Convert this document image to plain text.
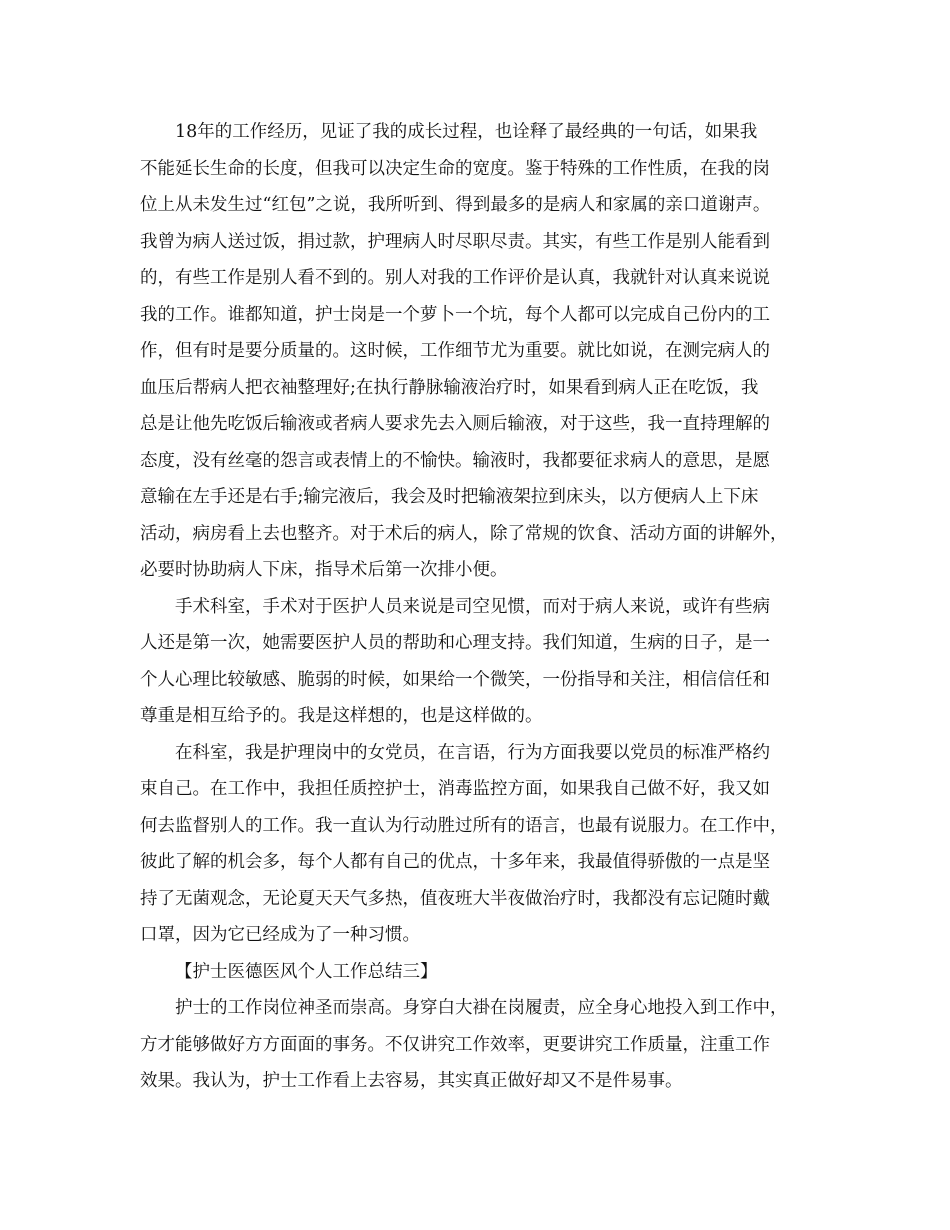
18年的工作经历，见证了我的成长过程，也诠释了最经典的一句话，如果我
不能延长生命的长度，但我可以决定生命的宽度。鉴于特殊的工作性质，在我的岗
位上从未发生过“红包”之说，我所听到、得到最多的是病人和家属的亲口道谢声。
我曾为病人送过饭，捐过款，护理病人时尽职尽责。其实，有些工作是别人能看到
的，有些工作是别人看不到的。别人对我的工作评价是认真，我就针对认真来说说
我的工作。谁都知道，护士岗是一个萝卜一个坑，每个人都可以完成自己份内的工
作，但有时是要分质量的。这时候，工作细节尤为重要。就比如说，在测完病人的
血压后帮病人把衣袖整理好;在执行静脉输液治疗时，如果看到病人正在吃饭，我
总是让他先吃饭后输液或者病人要求先去入厕后输液，对于这些，我一直持理解的
态度，没有丝毫的怨言或表情上的不愉快。输液时，我都要征求病人的意思，是愿
意输在左手还是右手;输完液后，我会及时把输液架拉到床头，以方便病人上下床
活动，病房看上去也整齐。对于术后的病人，除了常规的饮食、活动方面的讲解外，
必要时协助病人下床，指导术后第一次排小便。
手术科室，手术对于医护人员来说是司空见惯，而对于病人来说，或许有些病
人还是第一次，她需要医护人员的帮助和心理支持。我们知道，生病的日子，是一
个人心理比较敏感、脆弱的时候，如果给一个微笑，一份指导和关注，相信信任和
尊重是相互给予的。我是这样想的，也是这样做的。
在科室，我是护理岗中的女党员，在言语，行为方面我要以党员的标准严格约
束自己。在工作中，我担任质控护士，消毒监控方面，如果我自己做不好，我又如
何去监督别人的工作。我一直认为行动胜过所有的语言，也最有说服力。在工作中，
彼此了解的机会多，每个人都有自己的优点，十多年来，我最值得骄傲的一点是坚
持了无菌观念，无论夏天天气多热，值夜班大半夜做治疗时，我都没有忘记随时戴
口罩，因为它已经成为了一种习惯。
【护士医德医风个人工作总结三】
护士的工作岗位神圣而崇高。身穿白大褂在岗履责，应全身心地投入到工作中，
方才能够做好方方面面的事务。不仅讲究工作效率，更要讲究工作质量，注重工作
效果。我认为，护士工作看上去容易，其实真正做好却又不是件易事。
